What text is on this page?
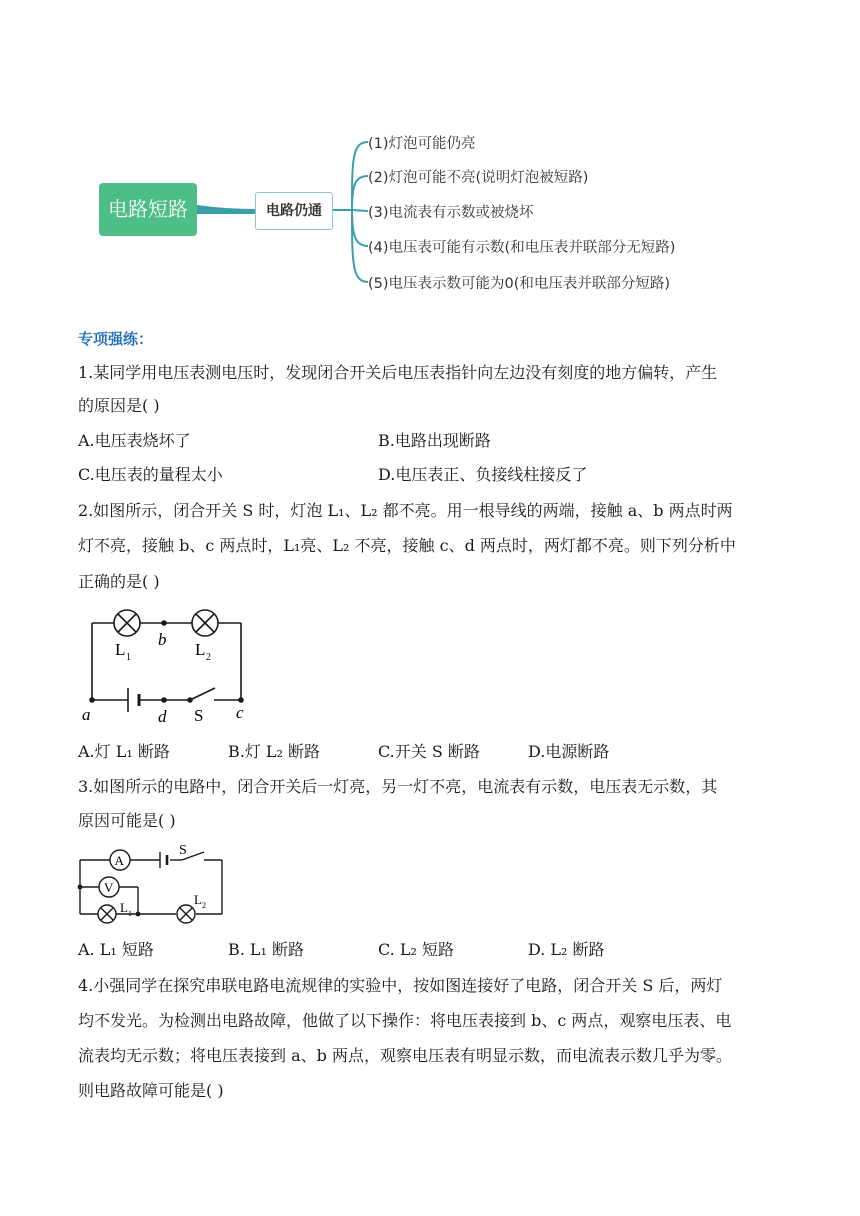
电路短路	电路仍通
(1)灯泡可能仍亮
(2)灯泡可能不亮(说明灯泡被短路)
(3)电流表有示数或被烧坏
(4)电压表可能有示数(和电压表并联部分无短路)
(5)电压表示数可能为0(和电压表并联部分短路)
专项强练：
1.某同学用电压表测电压时，发现闭合开关后电压表指针向左边没有刻度的地方偏转，产生
的原因是( )
A.电压表烧坏了	B.电路出现断路
C.电压表的量程太小	D.电压表正、负接线柱接反了
2.如图所示，闭合开关 S 时，灯泡 L₁、L₂ 都不亮。用一根导线的两端，接触 a、b 两点时两
灯不亮，接触 b、c 两点时，L₁亮、L₂ 不亮，接触 c、d 两点时，两灯都不亮。则下列分析中
正确的是( )
b
L 1	L 2
a	d S c
A.灯 L₁ 断路	B.灯 L₂ 断路	C.开关 S 断路	D.电源断路
3.如图所示的电路中，闭合开关后一灯亮，另一灯不亮，电流表有示数，电压表无示数，其
原因可能是( )
A
V
S
L 1
L 2
A. L₁ 短路	B. L₁ 断路	C. L₂ 短路	D. L₂ 断路
4.小强同学在探究串联电路电流规律的实验中，按如图连接好了电路，闭合开关 S 后，两灯
均不发光。为检测出电路故障，他做了以下操作：将电压表接到 b、c 两点，观察电压表、电
流表均无示数；将电压表接到 a、b 两点，观察电压表有明显示数，而电流表示数几乎为零。
则电路故障可能是( )
